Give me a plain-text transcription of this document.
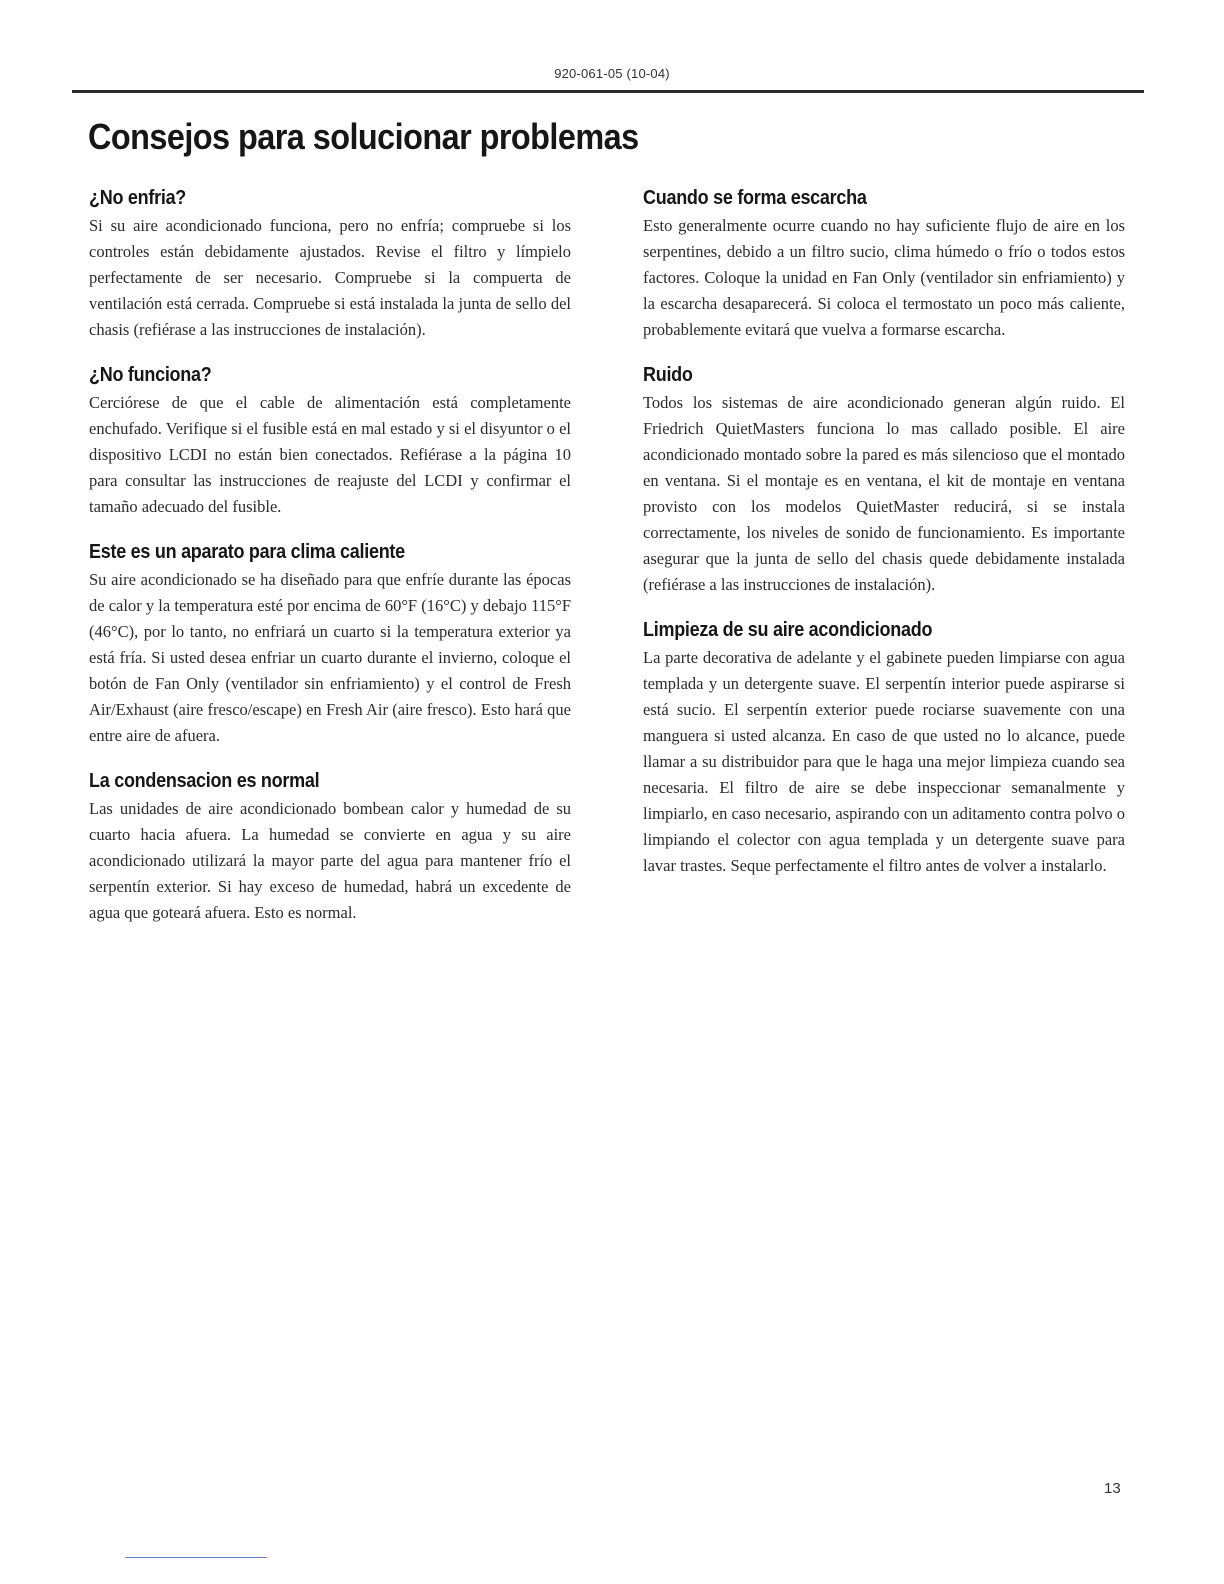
920-061-05 (10-04)
Consejos para solucionar problemas
¿No enfria?

Si su aire acondicionado funciona, pero no enfría; compruebe si los controles están debidamente ajustados. Revise el filtro y límpielo perfectamente de ser necesario. Compruebe si la compuerta de ventilación está cerrada. Compruebe si está instalada la junta de sello del chasis (refiérase a las instrucciones de instalación).

¿No funciona?

Cerciórese de que el cable de alimentación está completamente enchufado. Verifique si el fusible está en mal estado y si el disyuntor o el dispositivo LCDI no están bien conectados. Refiérase a la página 10 para consultar las instrucciones de reajuste del LCDI y confirmar el tamaño adecuado del fusible.

Este es un aparato para clima caliente

Su aire acondicionado se ha diseñado para que enfríe durante las épocas de calor y la temperatura esté por encima de 60°F (16°C) y debajo 115°F (46°C), por lo tanto, no enfriará un cuarto si la temperatura exterior ya está fría. Si usted desea enfriar un cuarto durante el invierno, coloque el botón de Fan Only (ventilador sin enfriamiento) y el control de Fresh Air/Exhaust (aire fresco/escape) en Fresh Air (aire fresco). Esto hará que entre aire de afuera.

La condensacion es normal

Las unidades de aire acondicionado bombean calor y humedad de su cuarto hacia afuera. La humedad se convierte en agua y su aire acondicionado utilizará la mayor parte del agua para mantener frío el serpentín exterior. Si hay exceso de humedad, habrá un excedente de agua que goteará afuera. Esto es normal.

Cuando se forma escarcha

Esto generalmente ocurre cuando no hay suficiente flujo de aire en los serpentines, debido a un filtro sucio, clima húmedo o frío o todos estos factores. Coloque la unidad en Fan Only (ventilador sin enfriamiento) y la escarcha desaparecerá. Si coloca el termostato un poco más caliente, probablemente evitará que vuelva a formarse escarcha.

Ruido

Todos los sistemas de aire acondicionado generan algún ruido. El Friedrich QuietMasters funciona lo mas callado posible. El aire acondicionado montado sobre la pared es más silencioso que el montado en ventana. Si el montaje es en ventana, el kit de montaje en ventana provisto con los modelos QuietMaster reducirá, si se instala correctamente, los niveles de sonido de funcionamiento. Es importante asegurar que la junta de sello del chasis quede debidamente instalada (refiérase a las instrucciones de instalación).

Limpieza de su aire acondicionado

La parte decorativa de adelante y el gabinete pueden limpiarse con agua templada y un detergente suave. El serpentín interior puede aspirarse si está sucio. El serpentín exterior puede rociarse suavemente con una manguera si usted alcanza. En caso de que usted no lo alcance, puede llamar a su distribuidor para que le haga una mejor limpieza cuando sea necesaria. El filtro de aire se debe inspeccionar semanalmente y limpiarlo, en caso necesario, aspirando con un aditamento contra polvo o limpiando el colector con agua templada y un detergente suave para lavar trastes. Seque perfectamente el filtro antes de volver a instalarlo.

13
